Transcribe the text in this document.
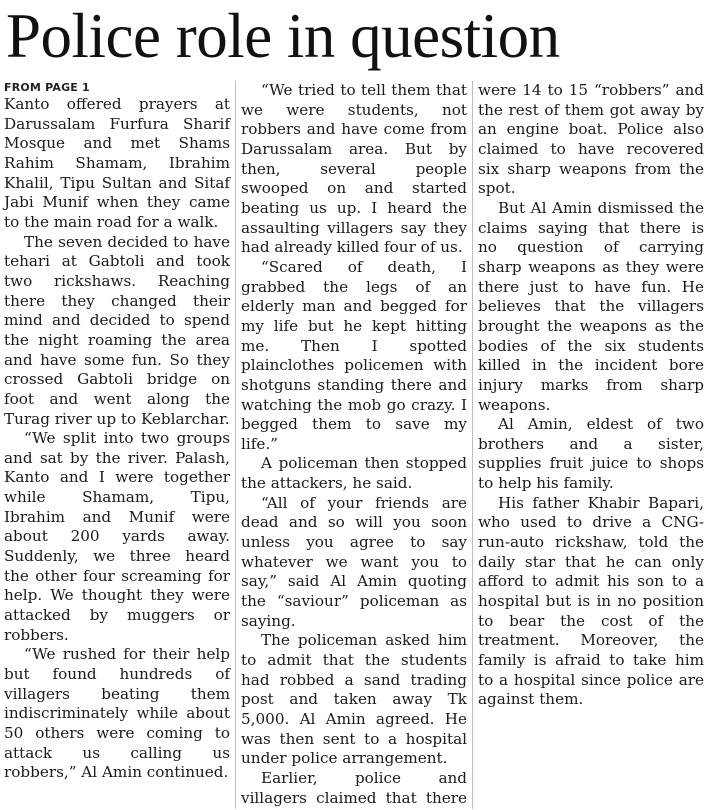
Police role in question
FROM PAGE 1

Kanto offered prayers at Darussalam Furfura Sharif Mosque and met Shams Rahim Shamam, Ibrahim Khalil, Tipu Sultan and Sitaf Jabi Munif when they came to the main road for a walk.

The seven decided to have tehari at Gabtoli and took two rickshaws. Reaching there they changed their mind and decided to spend the night roaming the area and have some fun. So they crossed Gabtoli bridge on foot and went along the Turag river up to Keblarchar.

“We split into two groups and sat by the river. Palash, Kanto and I were together while Shamam, Tipu, Ibrahim and Munif were about 200 yards away. Suddenly, we three heard the other four screaming for help. We thought they were attacked by muggers or robbers.

“We rushed for their help but found hundreds of villagers beating them indiscriminately while about 50 others were coming to attack us calling us robbers,” Al Amin continued.

“We tried to tell them that we were students, not robbers and have come from Darussalam area. But by then, several people swooped on and started beating us up. I heard the assaulting villagers say they had already killed four of us.

“Scared of death, I grabbed the legs of an elderly man and begged for my life but he kept hitting me. Then I spotted plainclothes policemen with shotguns standing there and watching the mob go crazy. I begged them to save my life.”

A policeman then stopped the attackers, he said.

“All of your friends are dead and so will you soon unless you agree to say whatever we want you to say,” said Al Amin quoting the “saviour” policeman as saying.

The policeman asked him to admit that the students had robbed a sand trading post and taken away Tk 5,000. Al Amin agreed. He was then sent to a hospital under police arrangement.

Earlier, police and villagers claimed that there were 14 to 15 “robbers” and the rest of them got away by an engine boat. Police also claimed to have recovered six sharp weapons from the spot.

But Al Amin dismissed the claims saying that there is no question of carrying sharp weapons as they were there just to have fun. He believes that the villagers brought the weapons as the bodies of the six students killed in the incident bore injury marks from sharp weapons.

Al Amin, eldest of two brothers and a sister, supplies fruit juice to shops to help his family.

His father Khabir Bapari, who used to drive a CNG-run-auto rickshaw, told the daily star that he can only afford to admit his son to a hospital but is in no position to bear the cost of the treatment. Moreover, the family is afraid to take him to a hospital since police are against them.
